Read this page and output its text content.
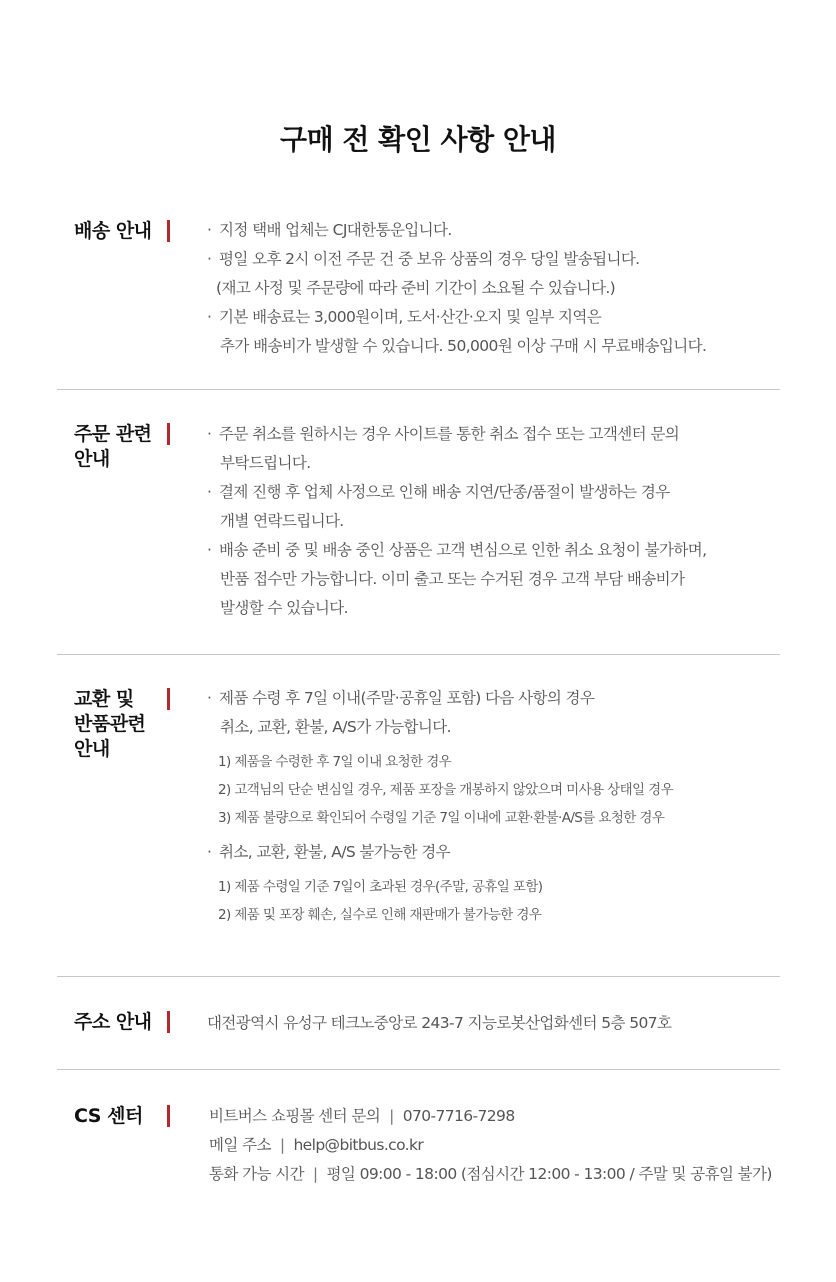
구매 전 확인 사항 안내
배송 안내	· 지정 택배 업체는 CJ대한통운입니다.
· 평일 오후 2시 이전 주문 건 중 보유 상품의 경우 당일 발송됩니다.
(재고 사정 및 주문량에 따라 준비 기간이 소요될 수 있습니다.)
· 기본 배송료는 3,000원이며, 도서·산간·오지 및 일부 지역은
추가 배송비가 발생할 수 있습니다. 50,000원 이상 구매 시 무료배송입니다.
주문 관련
안내
· 주문 취소를 원하시는 경우 사이트를 통한 취소 접수 또는 고객센터 문의
부탁드립니다.
· 결제 진행 후 업체 사정으로 인해 배송 지연/단종/품절이 발생하는 경우
개별 연락드립니다.
· 배송 준비 중 및 배송 중인 상품은 고객 변심으로 인한 취소 요청이 불가하며,
반품 접수만 가능합니다. 이미 출고 또는 수거된 경우 고객 부담 배송비가
발생할 수 있습니다.
교환 및
반품관련
안내
· 제품 수령 후 7일 이내(주말·공휴일 포함) 다음 사항의 경우
취소, 교환, 환불, A/S가 가능합니다.
1) 제품을 수령한 후 7일 이내 요청한 경우
2) 고객님의 단순 변심일 경우, 제품 포장을 개봉하지 않았으며 미사용 상태일 경우
3) 제품 불량으로 확인되어 수령일 기준 7일 이내에 교환·환불·A/S를 요청한 경우
· 취소, 교환, 환불, A/S 불가능한 경우
1) 제품 수령일 기준 7일이 초과된 경우(주말, 공휴일 포함)
2) 제품 및 포장 훼손, 실수로 인해 재판매가 불가능한 경우
주소 안내	대전광역시 유성구 테크노중앙로 243-7 지능로봇산업화센터 5층 507호
CS 센터	비트버스 쇼핑몰 센터 문의 | 070-7716-7298
메일 주소 | help@bitbus.co.kr
통화 가능 시간 | 평일 09:00 - 18:00 (점심시간 12:00 - 13:00 / 주말 및 공휴일 불가)
